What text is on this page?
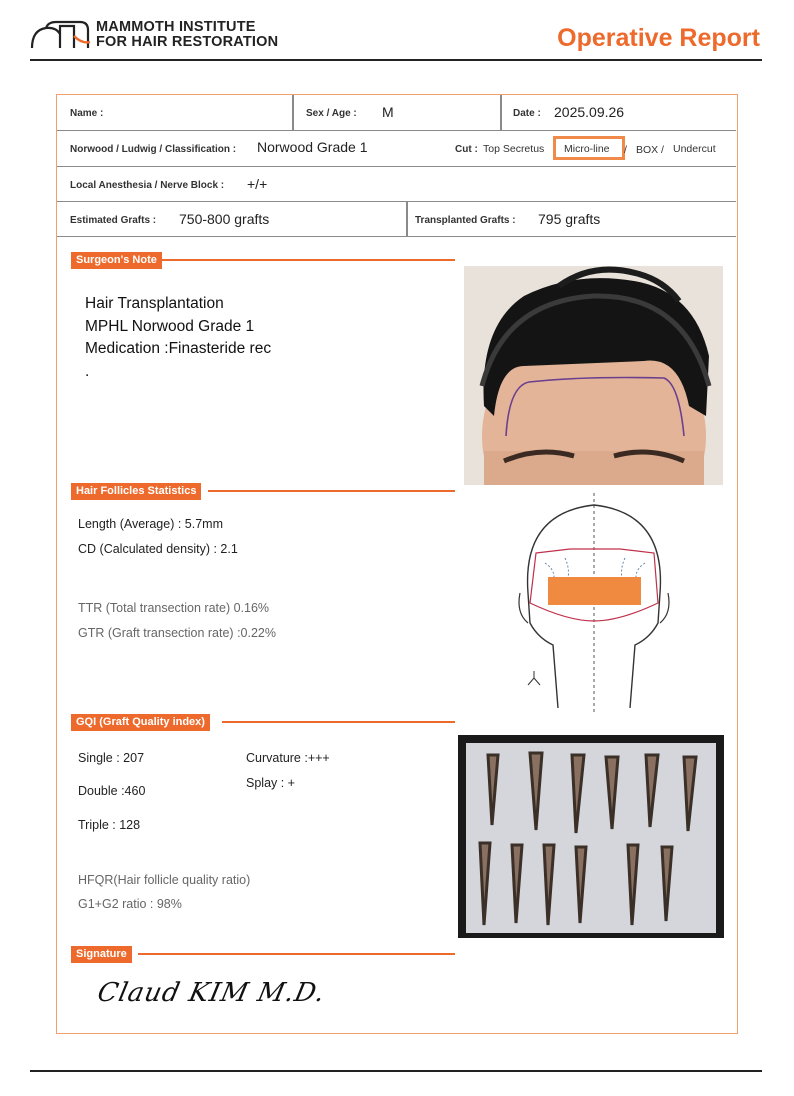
MAMMOTH INSTITUTE
FOR HAIR RESTORATION	Operative Report
Name :	Sex / Age : M	Date : 2025.09.26
Norwood / Ludwig / Classification : Norwood Grade 1	Cut : Top Secretus / Micro-line / BOX / Undercut
Local Anesthesia / Nerve Block : +/+
Estimated Grafts : 750-800 grafts	Transplanted Grafts : 795 grafts
Surgeon's Note
Hair Transplantation
MPHL Norwood Grade 1
Medication :Finasteride rec
.
Hair Follicles Statistics
Length (Average) : 5.7mm
CD (Calculated density) : 2.1
TTR (Total transection rate) 0.16%
GTR (Graft transection rate) :0.22%
GQI (Graft Quality index)
Single : 207
Double :460
Triple : 128
Curvature :+++
Splay : +
HFQR(Hair follicle quality ratio)
G1+G2 ratio : 98%
Signature
Claud KIM M.D.
